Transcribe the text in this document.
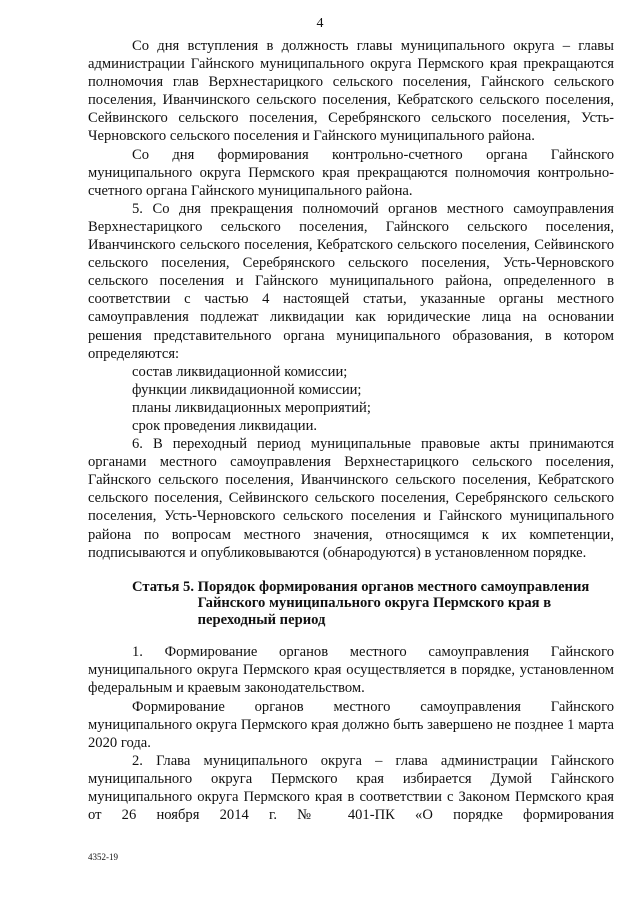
4

Со дня вступления в должность главы муниципального округа – главы администрации Гайнского муниципального округа Пермского края прекращаются полномочия глав Верхнестарицкого сельского поселения, Гайнского сельского поселения, Иванчинского сельского поселения, Кебратского сельского поселения, Сейвинского сельского поселения, Серебрянского сельского поселения, Усть-Черновского сельского поселения и Гайнского муниципального района.

Со дня формирования контрольно-счетного органа Гайнского муниципального округа Пермского края прекращаются полномочия контрольно-счетного органа Гайнского муниципального района.

5. Со дня прекращения полномочий органов местного самоуправления Верхнестарицкого сельского поселения, Гайнского сельского поселения, Иванчинского сельского поселения, Кебратского сельского поселения, Сейвинского сельского поселения, Серебрянского сельского поселения, Усть-Черновского сельского поселения и Гайнского муниципального района, определенного в соответствии с частью 4 настоящей статьи, указанные органы местного самоуправления подлежат ликвидации как юридические лица на основании решения представительного органа муниципального образования, в котором определяются:

состав ликвидационной комиссии;
функции ликвидационной комиссии;
планы ликвидационных мероприятий;
срок проведения ликвидации.

6. В переходный период муниципальные правовые акты принимаются органами местного самоуправления Верхнестарицкого сельского поселения, Гайнского сельского поселения, Иванчинского сельского поселения, Кебратского сельского поселения, Сейвинского сельского поселения, Серебрянского сельского поселения, Усть-Черновского сельского поселения и Гайнского муниципального района по вопросам местного значения, относящимся к их компетенции, подписываются и опубликовываются (обнародуются) в установленном порядке.

Статья 5. Порядок формирования органов местного самоуправления Гайнского муниципального округа Пермского края в переходный период

1. Формирование органов местного самоуправления Гайнского муниципального округа Пермского края осуществляется в порядке, установленном федеральным и краевым законодательством.

Формирование органов местного самоуправления Гайнского муниципального округа Пермского края должно быть завершено не позднее 1 марта 2020 года.

2. Глава муниципального округа – глава администрации Гайнского муниципального округа Пермского края избирается Думой Гайнского муниципального округа Пермского края в соответствии с Законом Пермского края от 26 ноября 2014 г. № 401-ПК «О порядке формирования

4352-19
